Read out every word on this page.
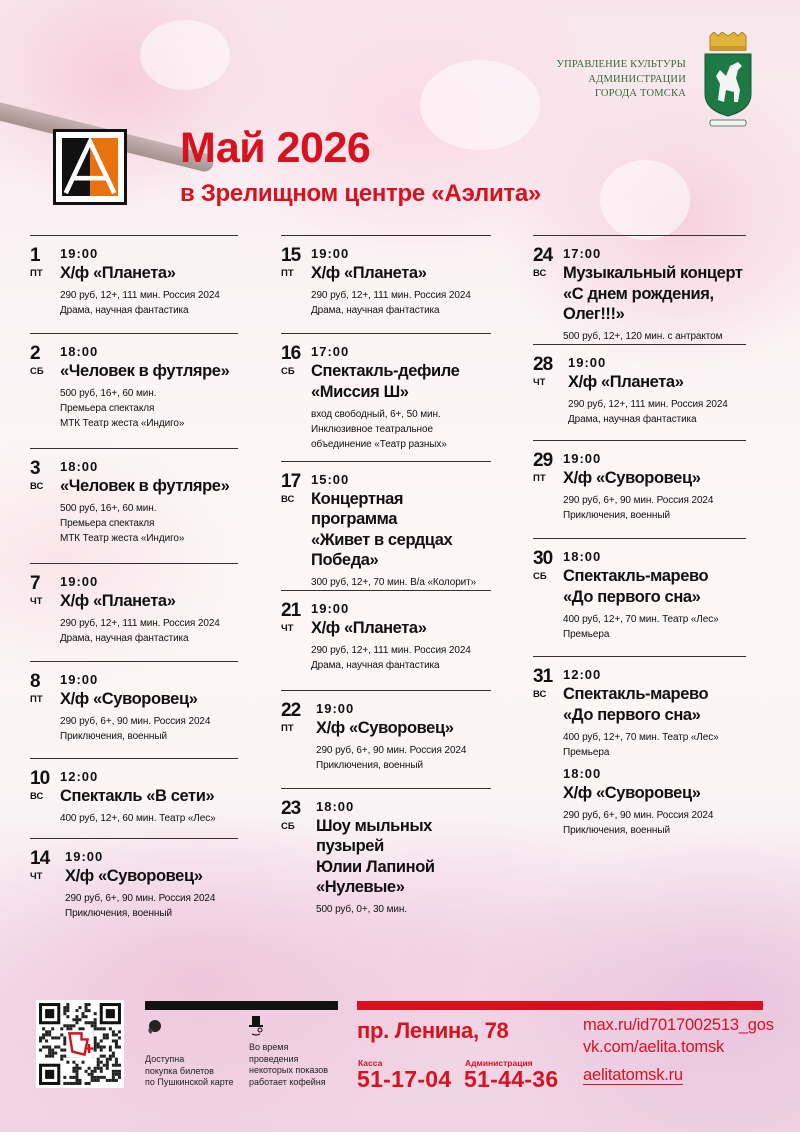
Май 2026
в Зрелищном центре «Аэлита»
УПРАВЛЕНИЕ КУЛЬТУРЫ
АДМИНИСТРАЦИИ
ГОРОДА ТОМСКА
1
ПТ
19:00
Х/ф «Планета»
290 руб, 12+, 111 мин. Россия 2024
Драма, научная фантастика
2
СБ
18:00
«Человек в футляре»
500 руб, 16+, 60 мин.
Премьера спектакля
МТК Театр жеста «Индиго»
3
ВС
18:00
«Человек в футляре»
500 руб, 16+, 60 мин.
Премьера спектакля
МТК Театр жеста «Индиго»
7
ЧТ
19:00
Х/ф «Планета»
290 руб, 12+, 111 мин. Россия 2024
Драма, научная фантастика
8
ПТ
19:00
Х/ф «Суворовец»
290 руб, 6+, 90 мин. Россия 2024
Приключения, военный
10
ВС
12:00
Спектакль «В сети»
400 руб, 12+, 60 мин. Театр «Лес»
14
ЧТ
19:00
Х/ф «Суворовец»
290 руб, 6+, 90 мин. Россия 2024
Приключения, военный
15
ПТ
19:00
Х/ф «Планета»
290 руб, 12+, 111 мин. Россия 2024
Драма, научная фантастика
16
СБ
17:00
Спектакль-дефиле
«Миссия Ш»
вход свободный, 6+, 50 мин.
Инклюзивное театральное
объединение «Театр разных»
17
ВС
15:00
Концертная программа
«Живет в сердцах Победа»
300 руб, 12+, 70 мин. В/а «Колорит»
21
ЧТ
19:00
Х/ф «Планета»
290 руб, 12+, 111 мин. Россия 2024
Драма, научная фантастика
22
ПТ
19:00
Х/ф «Суворовец»
290 руб, 6+, 90 мин. Россия 2024
Приключения, военный
23
СБ
18:00
Шоу мыльных пузырей
Юлии Лапиной «Нулевые»
500 руб, 0+, 30 мин.
24
ВС
17:00
Музыкальный концерт
«С днем рождения, Олег!!!»
500 руб, 12+, 120 мин. с антрактом
28
ЧТ
19:00
Х/ф «Планета»
290 руб, 12+, 111 мин. Россия 2024
Драма, научная фантастика
29
ПТ
19:00
Х/ф «Суворовец»
290 руб, 6+, 90 мин. Россия 2024
Приключения, военный
30
СБ
18:00
Спектакль-марево
«До первого сна»
400 руб, 12+, 70 мин. Театр «Лес»
Премьера
31
ВС
12:00
Спектакль-марево
«До первого сна»
400 руб, 12+, 70 мин. Театр «Лес»
Премьера
18:00
Х/ф «Суворовец»
290 руб, 6+, 90 мин. Россия 2024
Приключения, военный
Доступна
покупка билетов
по Пушкинской карте
Во время
проведения
некоторых показов
работает кофейня
пр. Ленина, 78
Касса
51-17-04
Администрация
51-44-36
max.ru/id7017002513_gos
vk.com/aelita.tomsk
aelitatomsk.ru
